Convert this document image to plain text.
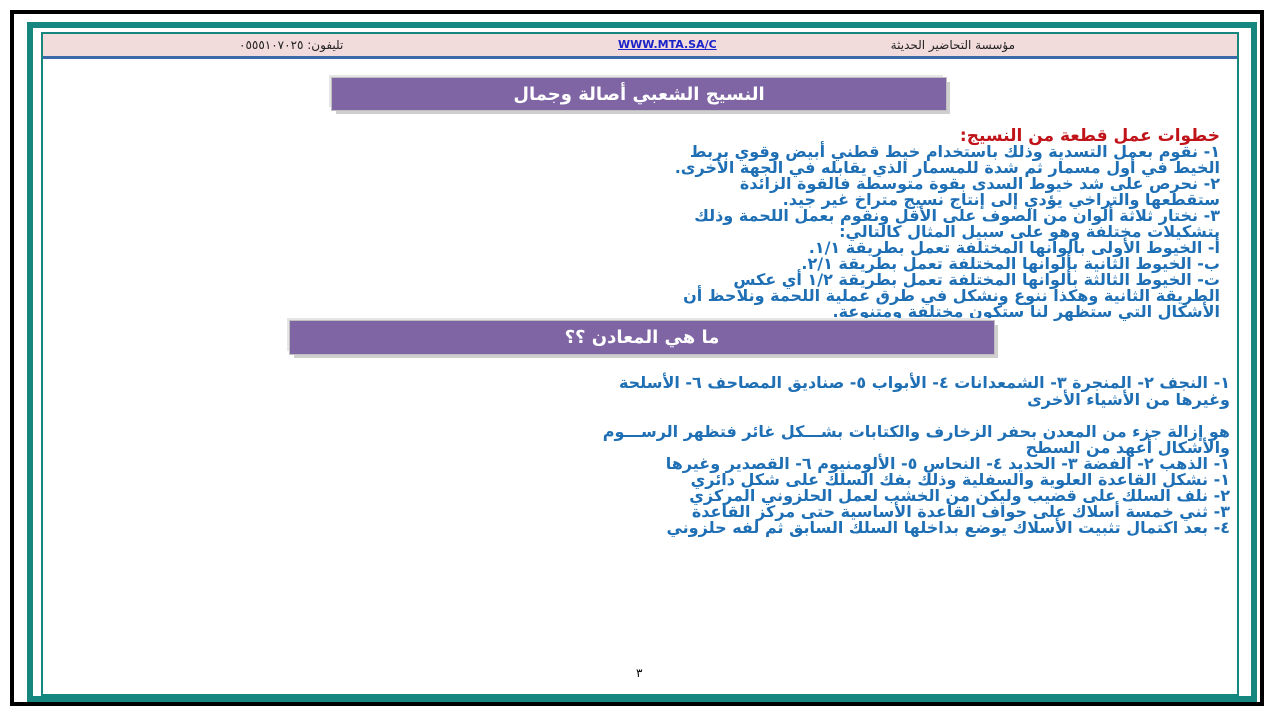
تليفون: ٠٥٥٥١٠٧٠٢٥	WWW.MTA.SA/C	مؤسسة التحاضير الحديثة
النسيج الشعبي أصالة وجمال
خطوات عمل قطعة من النسيج:
١- نقوم بعمل التسدية وذلك باستخدام خيط قطني أبيض وقوي بربط
الخيط في أول مسمار ثم شدة للمسمار الذي يقابله في الجهة الأخرى.
٢- نحرص على شد خيوط السدى بقوة متوسطة فالقوة الزائدة
ستقطعها والتراخي يؤدي إلى إنتاج نسيج متراخ غير جيد.
٣- نختار ثلاثة ألوان من الصوف على الأقل ونقوم بعمل اللحمة وذلك
بتشكيلات مختلفة وهو على سبيل المثال كالتالي:
أ- الخيوط الأولى بألوانها المختلفة تعمل بطريقة ١/١.
ب- الخيوط الثانية بألوانها المختلفة تعمل بطريقة ٢/١.
ت- الخيوط الثالثة بألوانها المختلفة تعمل بطريقة ١/٢ أي عكس
الطريقة الثانية وهكذا ننوع ونشكل في طرق عملية اللحمة ونلاحظ أن
الأشكال التي ستظهر لنا ستكون مختلفة ومتنوعة.
ما هي المعادن ؟؟
١- النجف ٢- المنجرة ٣- الشمعدانات ٤- الأبواب ٥- صناديق المصاحف ٦- الأسلحة
وغيرها من الأشياء الأخرى
هو إزالة جزء من المعدن بحفر الزخارف والكتابات بشـــكل غائر فتظهر الرســـوم
والأشكال أعهد من السطح
١- الذهب ٢- الفضة ٣- الحديد ٤- النحاس ٥- الألومنيوم ٦- القصدير وغيرها
١- نشكل القاعدة العلوية والسفلية وذلك بفك السلك على شكل دائري
٢- نلف السلك على قضيب وليكن من الخشب لعمل الحلزوني المركزي
٣- ثني خمسة أسلاك على حواف القاعدة الأساسية حتى مركز القاعدة
٤- بعد اكتمال تثبيت الأسلاك يوضع بداخلها السلك السابق ثم لفه حلزوني
٣
